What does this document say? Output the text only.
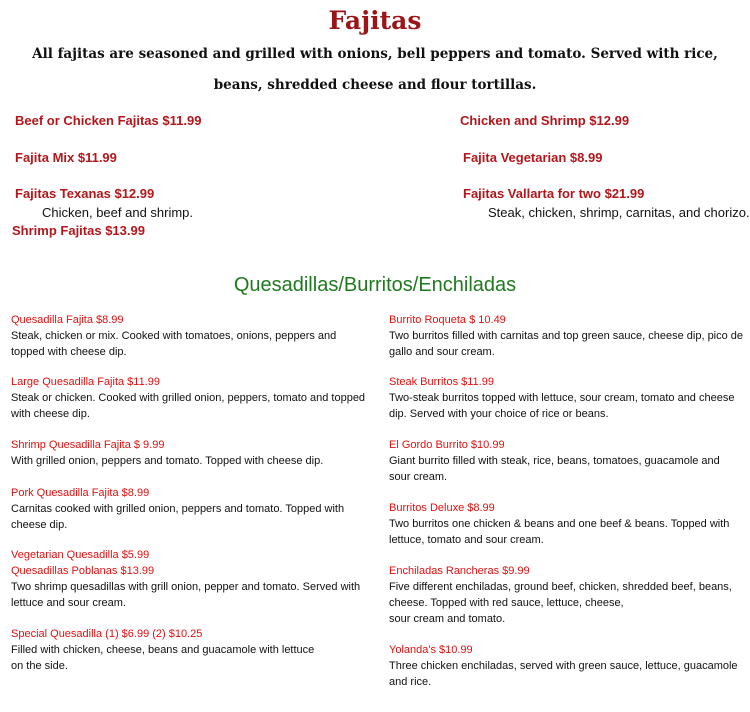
Fajitas
All fajitas are seasoned and grilled with onions, bell peppers and tomato. Served with rice,
beans, shredded cheese and flour tortillas.
Beef or Chicken Fajitas $11.99	Chicken and Shrimp $12.99
Fajita Mix $11.99	Fajita Vegetarian $8.99
Fajitas Texanas $12.99
Chicken, beef and shrimp.
Fajitas Vallarta for two $21.99
Steak, chicken, shrimp, carnitas, and chorizo.
Shrimp Fajitas $13.99
Quesadillas/Burritos/Enchiladas
Quesadilla Fajita $8.99
Steak, chicken or mix. Cooked with tomatoes, onions, peppers and topped with cheese dip.
Large Quesadilla Fajita $11.99
Steak or chicken. Cooked with grilled onion, peppers, tomato and topped with cheese dip.
Shrimp Quesadilla Fajita $ 9.99
With grilled onion, peppers and tomato. Topped with cheese dip.
Pork Quesadilla Fajita $8.99
Carnitas cooked with grilled onion, peppers and tomato. Topped with cheese dip.
Vegetarian Quesadilla $5.99
Quesadillas Poblanas $13.99
Two shrimp quesadillas with grill onion, pepper and tomato. Served with lettuce and sour cream.
Special Quesadilla (1) $6.99 (2) $10.25
Filled with chicken, cheese, beans and guacamole with lettuce
on the side.
Burrito Roqueta $ 10.49
Two burritos filled with carnitas and top green sauce, cheese dip, pico de gallo and sour cream.
Steak Burritos $11.99
Two-steak burritos topped with lettuce, sour cream, tomato and cheese dip. Served with your choice of rice or beans.
El Gordo Burrito $10.99
Giant burrito filled with steak, rice, beans, tomatoes, guacamole and sour cream.
Burritos Deluxe $8.99
Two burritos one chicken & beans and one beef & beans. Topped with lettuce, tomato and sour cream.
Enchiladas Rancheras $9.99
Five different enchiladas, ground beef, chicken, shredded beef, beans, cheese. Topped with red sauce, lettuce, cheese,
sour cream and tomato.
Yolanda's $10.99
Three chicken enchiladas, served with green sauce, lettuce, guacamole and rice.
